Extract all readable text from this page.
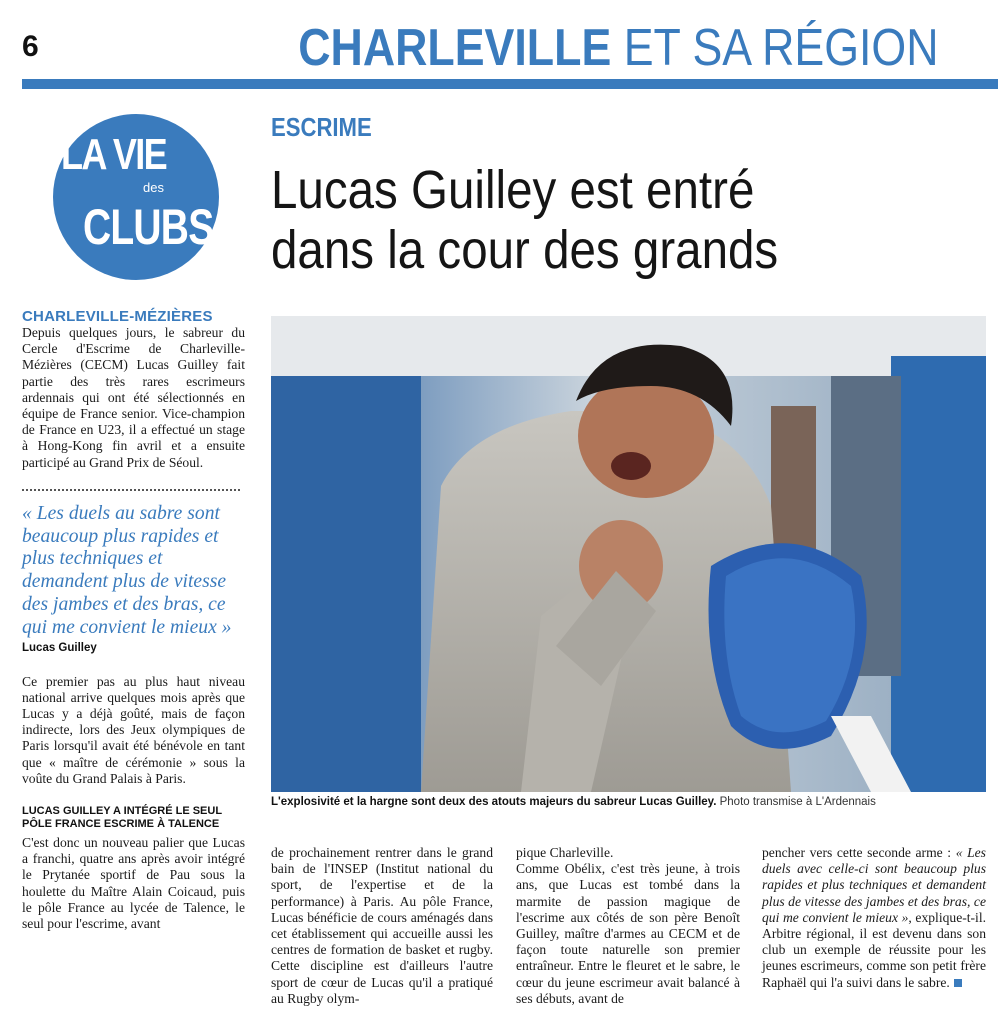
6	CHARLEVILLE ET SA RÉGION
LA VIE
des
CLUBS
ESCRIME
Lucas Guilley est entré
dans la cour des grands
L'explosivité et la hargne sont deux des atouts majeurs du sabreur Lucas Guilley. Photo transmise à L'Ardennais
CHARLEVILLE-MÉZIÈRES

Depuis quelques jours, le sabreur du Cercle d'Escrime de Charleville-Mézières (CECM) Lucas Guilley fait partie des très rares escrimeurs ardennais qui ont été sélectionnés en équipe de France senior. Vice-champion de France en U23, il a effectué un stage à Hong-Kong fin avril et a ensuite participé au Grand Prix de Séoul.

« Les duels au sabre sont beaucoup plus rapides et plus techniques et demandent plus de vitesse des jambes et des bras, ce qui me convient le mieux »

Lucas Guilley

Ce premier pas au plus haut niveau national arrive quelques mois après que Lucas y a déjà goûté, mais de façon indirecte, lors des Jeux olympiques de Paris lorsqu'il avait été bénévole en tant que « maître de cérémonie » sous la voûte du Grand Palais à Paris.

LUCAS GUILLEY A INTÉGRÉ LE SEUL PÔLE FRANCE ESCRIME À TALENCE

C'est donc un nouveau palier que Lucas a franchi, quatre ans après avoir intégré le Prytanée sportif de Pau sous la houlette du Maître Alain Coicaud, puis le pôle France au lycée de Talence, le seul pour l'escrime, avant

de prochainement rentrer dans le grand bain de l'INSEP (Institut national du sport, de l'expertise et de la performance) à Paris. Au pôle France, Lucas bénéficie de cours aménagés dans cet établissement qui accueille aussi les centres de formation de basket et rugby. Cette discipline est d'ailleurs l'autre sport de cœur de Lucas qu'il a pratiqué au Rugby olym-

pique Charleville.

Comme Obélix, c'est très jeune, à trois ans, que Lucas est tombé dans la marmite de passion magique de l'escrime aux côtés de son père Benoît Guilley, maître d'armes au CECM et de façon toute naturelle son premier entraîneur. Entre le fleuret et le sabre, le cœur du jeune escrimeur avait balancé à ses débuts, avant de

pencher vers cette seconde arme : « Les duels avec celle-ci sont beaucoup plus rapides et plus techniques et demandent plus de vitesse des jambes et des bras, ce qui me convient le mieux », explique-t-il. Arbitre régional, il est devenu dans son club un exemple de réussite pour les jeunes escrimeurs, comme son petit frère Raphaël qui l'a suivi dans le sabre.
